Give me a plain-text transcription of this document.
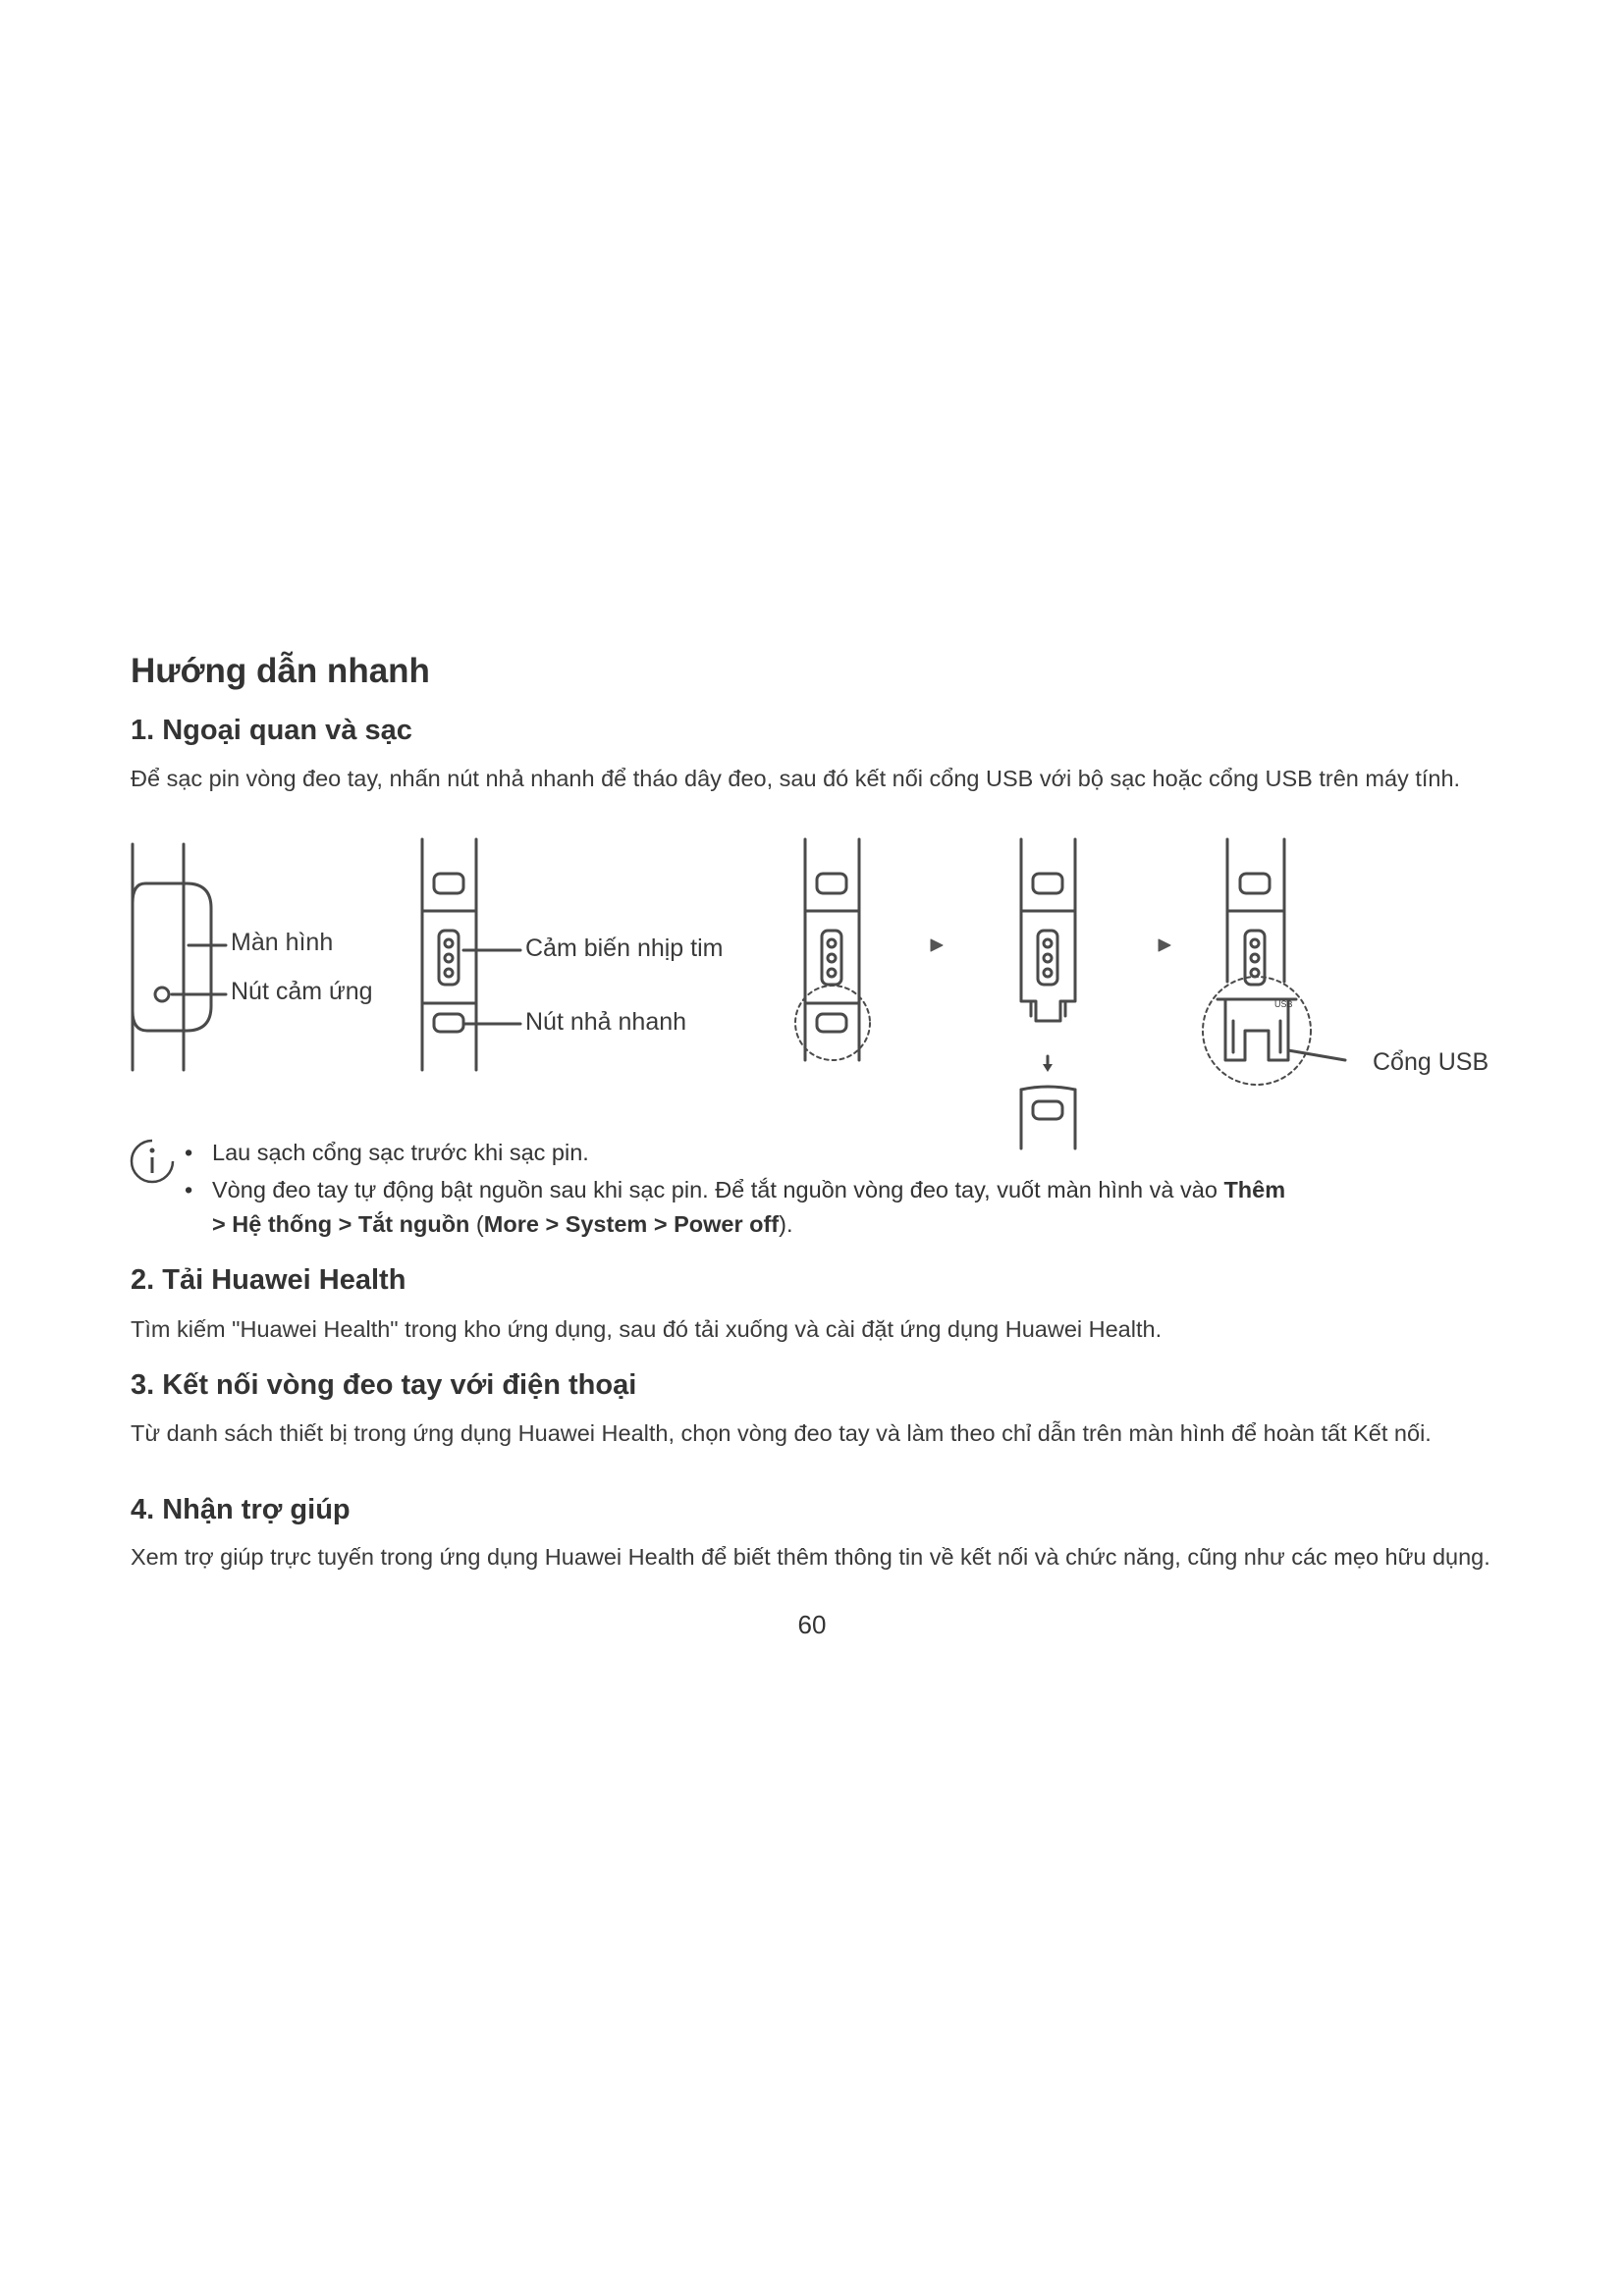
Hướng dẫn nhanh
1. Ngoại quan và sạc

Để sạc pin vòng đeo tay, nhấn nút nhả nhanh để tháo dây đeo, sau đó kết nối cổng USB với bộ sạc hoặc cổng USB trên máy tính.

Màn hình
Nút cảm ứng
Cảm biến nhịp tim
Nút nhả nhanh
USB
Cổng USB
• Lau sạch cổng sạc trước khi sạc pin.
• Vòng đeo tay tự động bật nguồn sau khi sạc pin. Để tắt nguồn vòng đeo tay, vuốt màn hình và vào Thêm
> Hệ thống > Tắt nguồn (More > System > Power off).
2. Tải Huawei Health

Tìm kiếm "Huawei Health" trong kho ứng dụng, sau đó tải xuống và cài đặt ứng dụng Huawei Health.

3. Kết nối vòng đeo tay với điện thoại

Từ danh sách thiết bị trong ứng dụng Huawei Health, chọn vòng đeo tay và làm theo chỉ dẫn trên màn hình để hoàn tất Kết nối.

4. Nhận trợ giúp

Xem trợ giúp trực tuyến trong ứng dụng Huawei Health để biết thêm thông tin về kết nối và chức năng, cũng như các mẹo hữu dụng.

60
